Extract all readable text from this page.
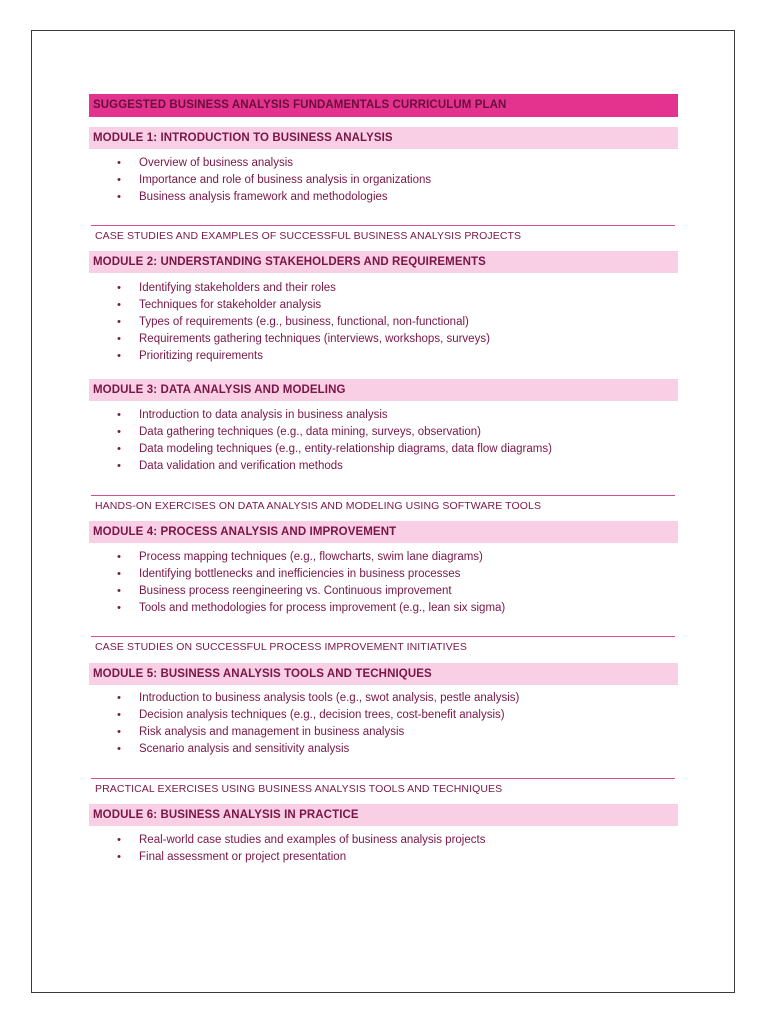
SUGGESTED BUSINESS ANALYSIS FUNDAMENTALS CURRICULUM PLAN
MODULE 1: INTRODUCTION TO BUSINESS ANALYSIS
• Overview of business analysis
• Importance and role of business analysis in organizations
• Business analysis framework and methodologies
CASE STUDIES AND EXAMPLES OF SUCCESSFUL BUSINESS ANALYSIS PROJECTS
MODULE 2: UNDERSTANDING STAKEHOLDERS AND REQUIREMENTS
• Identifying stakeholders and their roles
• Techniques for stakeholder analysis
• Types of requirements (e.g., business, functional, non-functional)
• Requirements gathering techniques (interviews, workshops, surveys)
• Prioritizing requirements
MODULE 3: DATA ANALYSIS AND MODELING
• Introduction to data analysis in business analysis
• Data gathering techniques (e.g., data mining, surveys, observation)
• Data modeling techniques (e.g., entity-relationship diagrams, data flow diagrams)
• Data validation and verification methods
HANDS-ON EXERCISES ON DATA ANALYSIS AND MODELING USING SOFTWARE TOOLS
MODULE 4: PROCESS ANALYSIS AND IMPROVEMENT
• Process mapping techniques (e.g., flowcharts, swim lane diagrams)
• Identifying bottlenecks and inefficiencies in business processes
• Business process reengineering vs. Continuous improvement
• Tools and methodologies for process improvement (e.g., lean six sigma)
CASE STUDIES ON SUCCESSFUL PROCESS IMPROVEMENT INITIATIVES
MODULE 5: BUSINESS ANALYSIS TOOLS AND TECHNIQUES
• Introduction to business analysis tools (e.g., swot analysis, pestle analysis)
• Decision analysis techniques (e.g., decision trees, cost-benefit analysis)
• Risk analysis and management in business analysis
• Scenario analysis and sensitivity analysis
PRACTICAL EXERCISES USING BUSINESS ANALYSIS TOOLS AND TECHNIQUES
MODULE 6: BUSINESS ANALYSIS IN PRACTICE
• Real-world case studies and examples of business analysis projects
• Final assessment or project presentation
